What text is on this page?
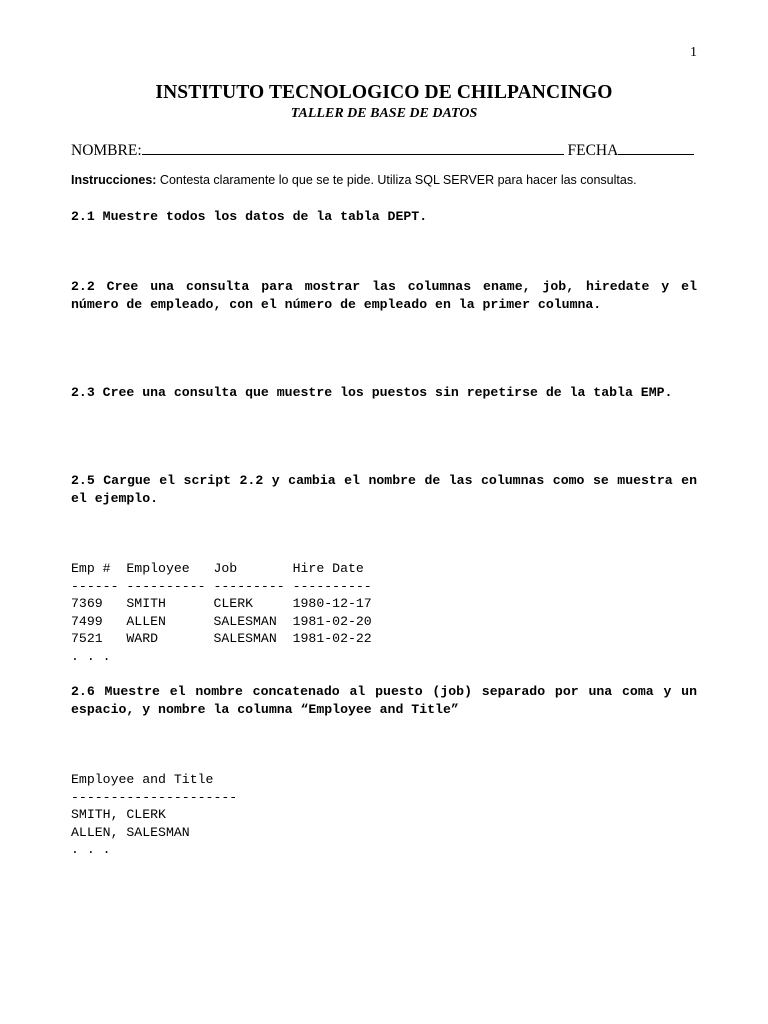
1
INSTITUTO TECNOLOGICO DE CHILPANCINGO
TALLER DE BASE DE DATOS
NOMBRE:	FECHA
Instrucciones: Contesta claramente lo que se te pide. Utiliza SQL SERVER para hacer las consultas.
2.1 Muestre todos los datos de la tabla DEPT.
2.2 Cree una consulta para mostrar las columnas ename, job, hiredate y el número de empleado, con el número de empleado en la primer columna.
2.3 Cree una consulta que muestre los puestos sin repetirse de la tabla EMP.
2.5 Cargue el script 2.2 y cambia el nombre de las columnas como se muestra en el ejemplo.
Emp #  Employee   Job       Hire Date
------ ---------- --------- ----------
7369   SMITH      CLERK     1980-12-17
7499   ALLEN      SALESMAN  1981-02-20
7521   WARD       SALESMAN  1981-02-22
. . .
2.6 Muestre el nombre concatenado al puesto (job) separado por una coma y un espacio, y nombre la columna “Employee and Title”
Employee and Title
---------------------
SMITH, CLERK
ALLEN, SALESMAN
. . .
